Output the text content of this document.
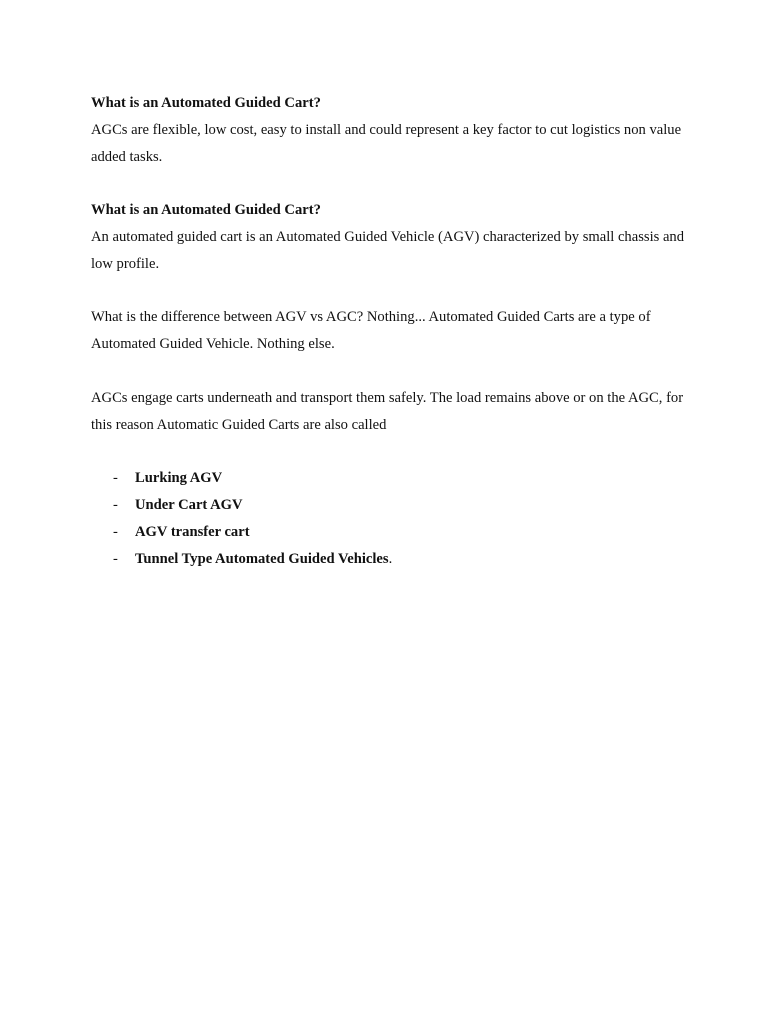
What is an Automated Guided Cart?

AGCs are flexible, low cost, easy to install and could represent a key factor to cut logistics non value added tasks.

What is an Automated Guided Cart?

An automated guided cart is an Automated Guided Vehicle (AGV) characterized by small chassis and low profile.

What is the difference between AGV vs AGC? Nothing... Automated Guided Carts are a type of Automated Guided Vehicle. Nothing else.

AGCs engage carts underneath and transport them safely. The load remains above or on the AGC, for this reason Automatic Guided Carts are also called

- Lurking AGV
- Under Cart AGV
- AGV transfer cart
- Tunnel Type Automated Guided Vehicles.
